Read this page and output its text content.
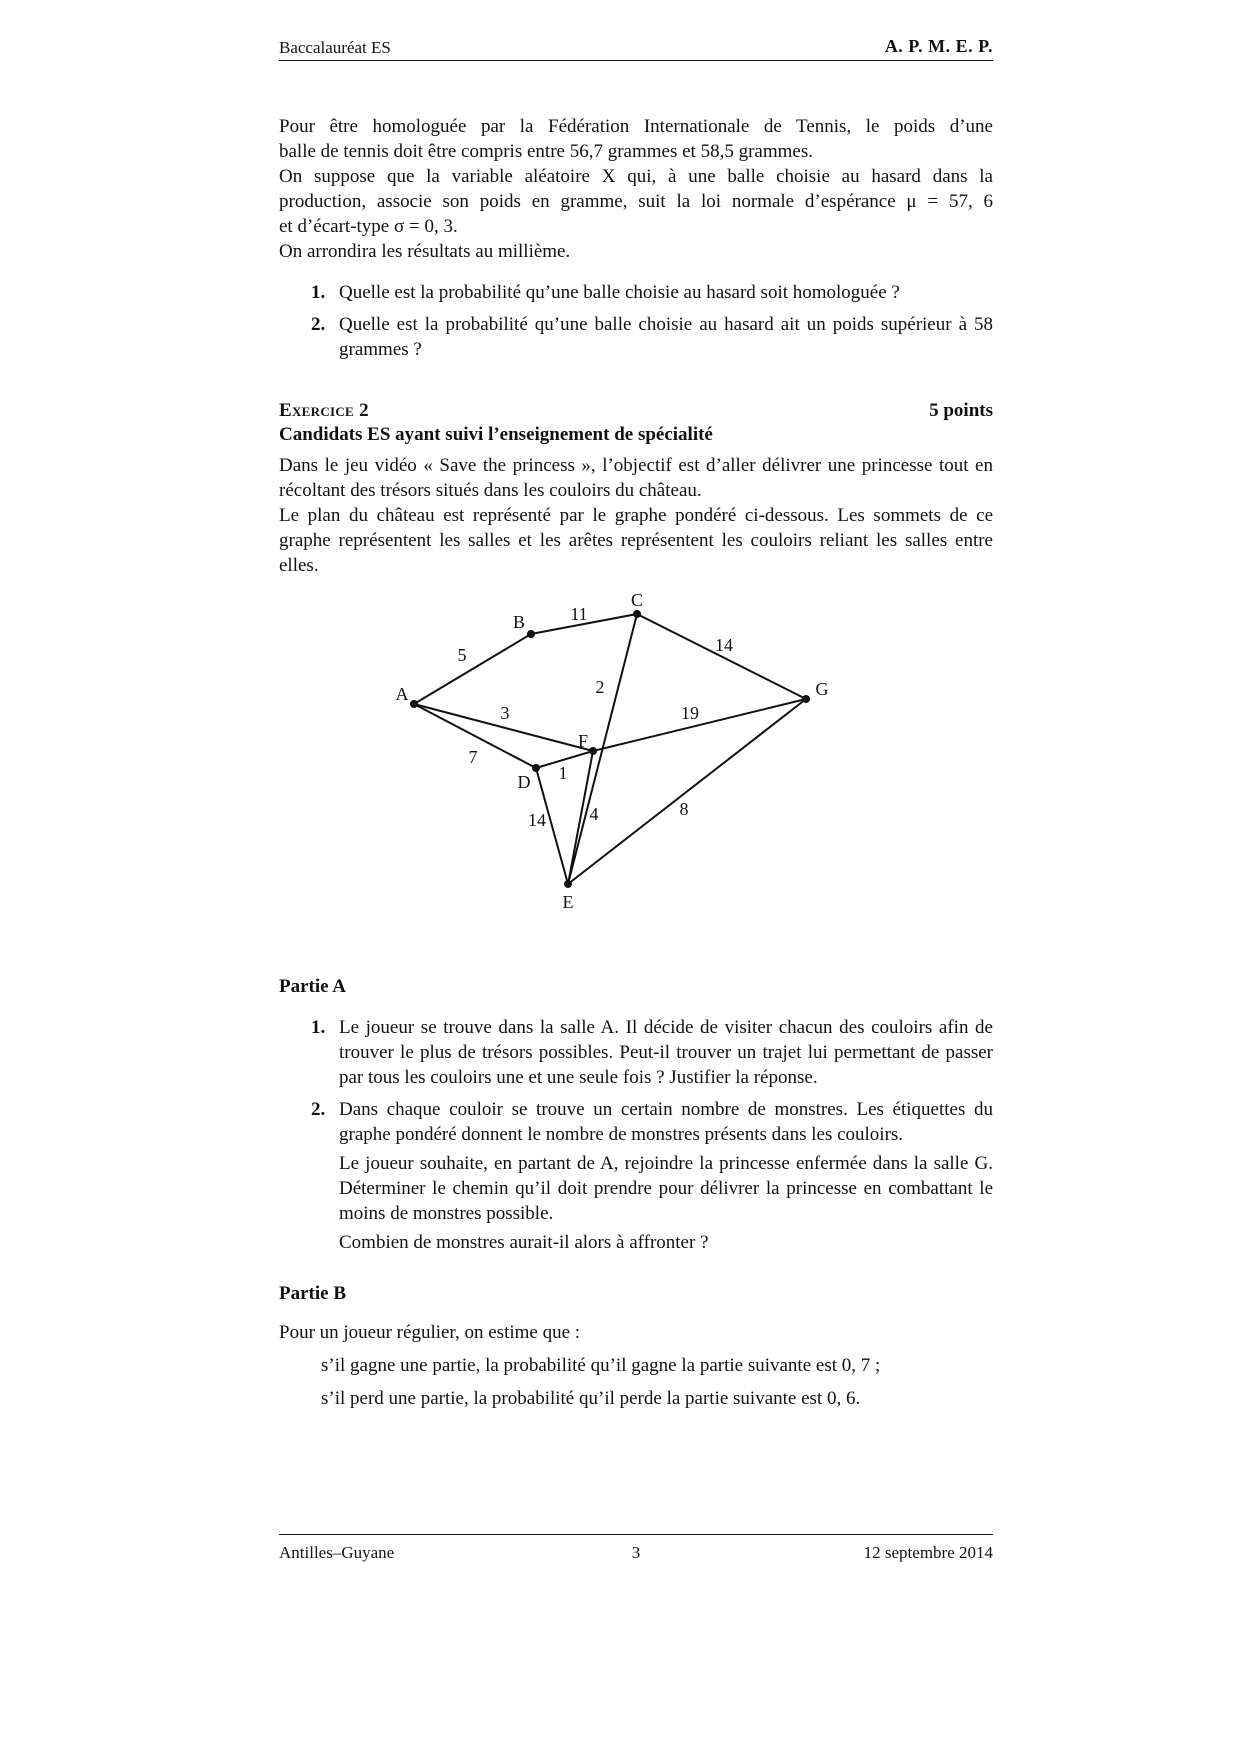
Baccalauréat ES	A. P. M. E. P.

Pour être homologuée par la Fédération Internationale de Tennis, le poids d’une
balle de tennis doit être compris entre 56,7 grammes et 58,5 grammes.
On suppose que la variable aléatoire X qui, à une balle choisie au hasard dans la
production, associe son poids en gramme, suit la loi normale d’espérance μ = 57, 6
et d’écart-type σ = 0, 3.
On arrondira les résultats au millième.

1. Quelle est la probabilité qu’une balle choisie au hasard soit homologuée ?
2. Quelle est la probabilité qu’une balle choisie au hasard ait un poids supérieur à 58 grammes ?
Exercice 2	5 points
Candidats ES ayant suivi l’enseignement de spécialité

Dans le jeu vidéo « Save the princess », l’objectif est d’aller délivrer une princesse tout en récoltant des trésors situés dans les couloirs du château.

Le plan du château est représenté par le graphe pondéré ci-dessous. Les sommets de ce graphe représentent les salles et les arêtes représentent les couloirs reliant les salles entre elles.

5
11
14
2
3	19
7
1
14 4	8
A
B
C
D
E
F
G
Partie A
1. Le joueur se trouve dans la salle A. Il décide de visiter chacun des couloirs afin de trouver le plus de trésors possibles. Peut-il trouver un trajet lui permettant de passer par tous les couloirs une et une seule fois ? Justifier la réponse.
2. Dans chaque couloir se trouve un certain nombre de monstres. Les étiquettes du graphe pondéré donnent le nombre de monstres présents dans les couloirs.
Le joueur souhaite, en partant de A, rejoindre la princesse enfermée dans la salle G. Déterminer le chemin qu’il doit prendre pour délivrer la princesse en combattant le moins de monstres possible.
Combien de monstres aurait-il alors à affronter ?
Partie B

Pour un joueur régulier, on estime que :

s’il gagne une partie, la probabilité qu’il gagne la partie suivante est 0, 7 ;
s’il perd une partie, la probabilité qu’il perde la partie suivante est 0, 6.
Antilles–Guyane	3	12 septembre 2014
